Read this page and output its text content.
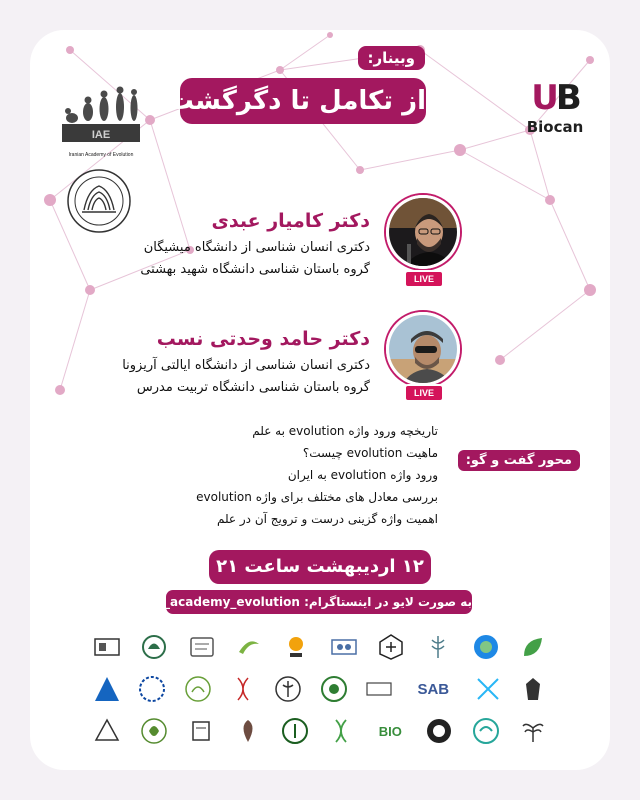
وبینار:
از تکامل تا دگرگشت	UB
Biocan
IAE
Iranian Academy of Evolution
LIVE
دکتر کامیار عبدی
دکتری انسان شناسی از دانشگاه میشیگان
گروه باستان شناسی دانشگاه شهید بهشتی
LIVE
دکتر حامد وحدتی نسب
دکتری انسان شناسی از دانشگاه ایالتی آریزونا
گروه باستان شناسی دانشگاه تربیت مدرس
محور گفت و گو:
تاریخچه ورود واژه evolution به علم
ماهیت evolution چیست؟
ورود واژه evolution به ایران
بررسی معادل های مختلف برای واژه evolution
اهمیت واژه گزینی درست و ترویج آن در علم
۱۲ اردیبهشت ساعت ۲۱
به صورت لایو در اینستاگرام: ir_academy_evolution
SAB
BIO
